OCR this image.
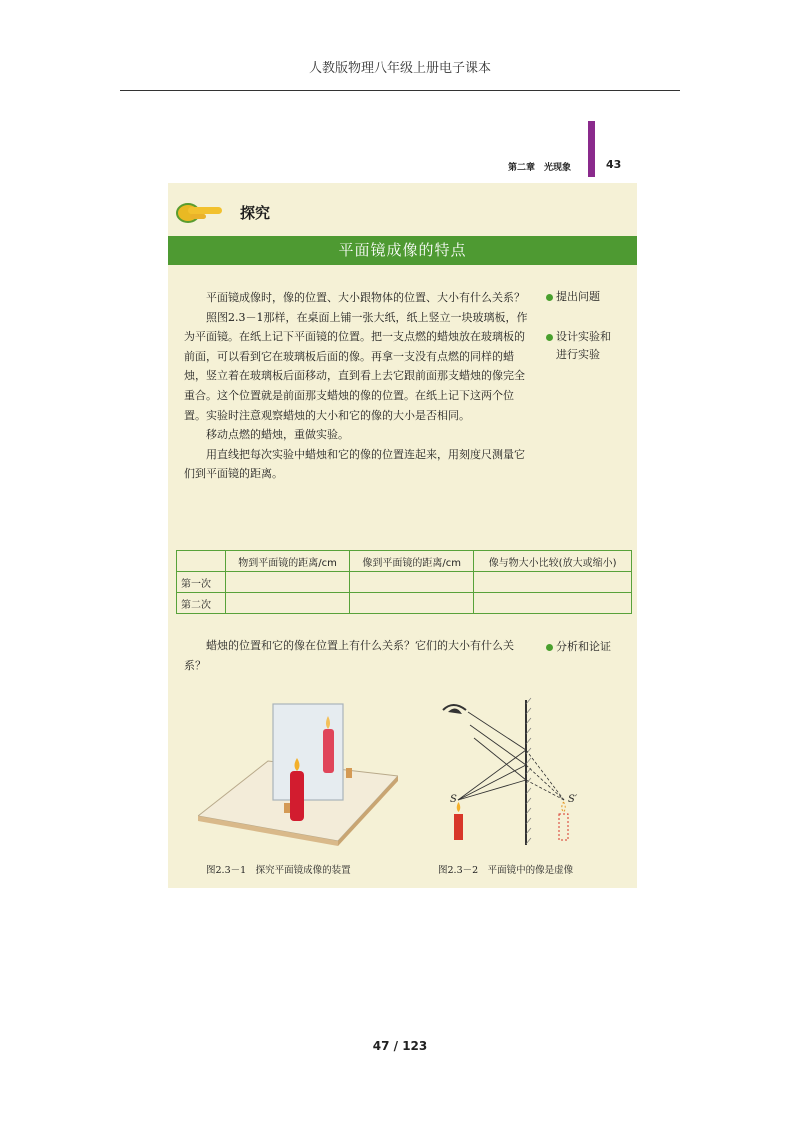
人教版物理八年级上册电子课本
第二章　光现象	43
探究
平面镜成像的特点

平面镜成像时，像的位置、大小跟物体的位置、大小有什么关系？

照图2.3－1那样，在桌面上铺一张大纸，纸上竖立一块玻璃板，作为平面镜。在纸上记下平面镜的位置。把一支点燃的蜡烛放在玻璃板的前面，可以看到它在玻璃板后面的像。再拿一支没有点燃的同样的蜡烛，竖立着在玻璃板后面移动，直到看上去它跟前面那支蜡烛的像完全重合。这个位置就是前面那支蜡烛的像的位置。在纸上记下这两个位置。实验时注意观察蜡烛的大小和它的像的大小是否相同。

移动点燃的蜡烛，重做实验。

用直线把每次实验中蜡烛和它的像的位置连起来，用刻度尺测量它们到平面镜的距离。

提出问题
设计实验和
进行实验
	物到平面镜的距离/cm	像到平面镜的距离/cm	像与物大小比较(放大或缩小)
第一次			
第二次			

蜡烛的位置和它的像在位置上有什么关系？它们的大小有什么关系？

分析和论证
S	S′
图2.3－1　探究平面镜成像的装置	图2.3－2　平面镜中的像是虚像
47 / 123
